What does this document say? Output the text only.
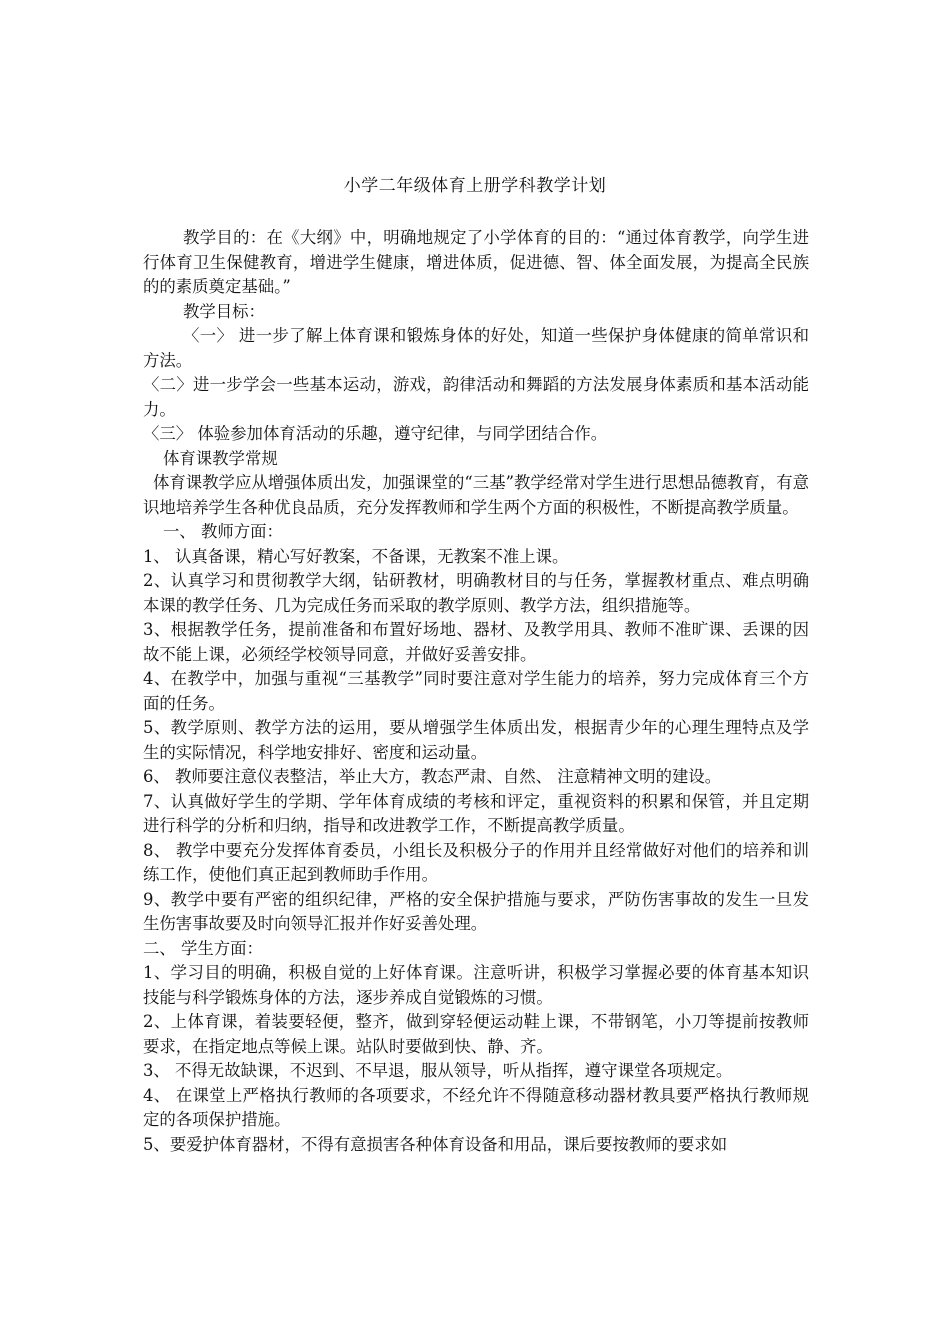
小学二年级体育上册学科教学计划

教学目的：在《大纲》中，明确地规定了小学体育的目的：“通过体育教学，向学生进行体育卫生保健教育，增进学生健康，增进体质，促进德、智、体全面发展，为提高全民族的的素质奠定基础。”

教学目标：

〈一〉 进一步了解上体育课和锻炼身体的好处，知道一些保护身体健康的简单常识和方法。

〈二〉进一步学会一些基本运动，游戏，韵律活动和舞蹈的方法发展身体素质和基本活动能力。

〈三〉 体验参加体育活动的乐趣，遵守纪律，与同学团结合作。

体育课教学常规

体育课教学应从增强体质出发，加强课堂的“三基”教学经常对学生进行思想品德教育，有意识地培养学生各种优良品质，充分发挥教师和学生两个方面的积极性，不断提高教学质量。

一、 教师方面：

1、 认真备课，精心写好教案，不备课，无教案不准上课。

2、认真学习和贯彻教学大纲，钻研教材，明确教材目的与任务，掌握教材重点、难点明确本课的教学任务、几为完成任务而采取的教学原则、教学方法，组织措施等。

3、根据教学任务，提前准备和布置好场地、器材、及教学用具、教师不准旷课、丢课的因故不能上课，必须经学校领导同意，并做好妥善安排。

4、在教学中，加强与重视“三基教学”同时要注意对学生能力的培养，努力完成体育三个方面的任务。

5、教学原则、教学方法的运用，要从增强学生体质出发，根据青少年的心理生理特点及学生的实际情况，科学地安排好、密度和运动量。

6、 教师要注意仪表整洁，举止大方，教态严肃、自然、 注意精神文明的建设。

7、认真做好学生的学期、学年体育成绩的考核和评定，重视资料的积累和保管，并且定期进行科学的分析和归纳，指导和改进教学工作，不断提高教学质量。

8、 教学中要充分发挥体育委员，小组长及积极分子的作用并且经常做好对他们的培养和训练工作，使他们真正起到教师助手作用。

9、教学中要有严密的组织纪律，严格的安全保护措施与要求，严防伤害事故的发生一旦发生伤害事故要及时向领导汇报并作好妥善处理。

二、 学生方面：

1、学习目的明确，积极自觉的上好体育课。注意听讲，积极学习掌握必要的体育基本知识技能与科学锻炼身体的方法，逐步养成自觉锻炼的习惯。

2、上体育课，着装要轻便，整齐，做到穿轻便运动鞋上课，不带钢笔，小刀等提前按教师要求，在指定地点等候上课。站队时要做到快、静、齐。

3、 不得无故缺课，不迟到、不早退，服从领导，听从指挥，遵守课堂各项规定。

4、 在课堂上严格执行教师的各项要求，不经允许不得随意移动器材教具要严格执行教师规定的各项保护措施。

5、要爱护体育器材，不得有意损害各种体育设备和用品，课后要按教师的要求如
